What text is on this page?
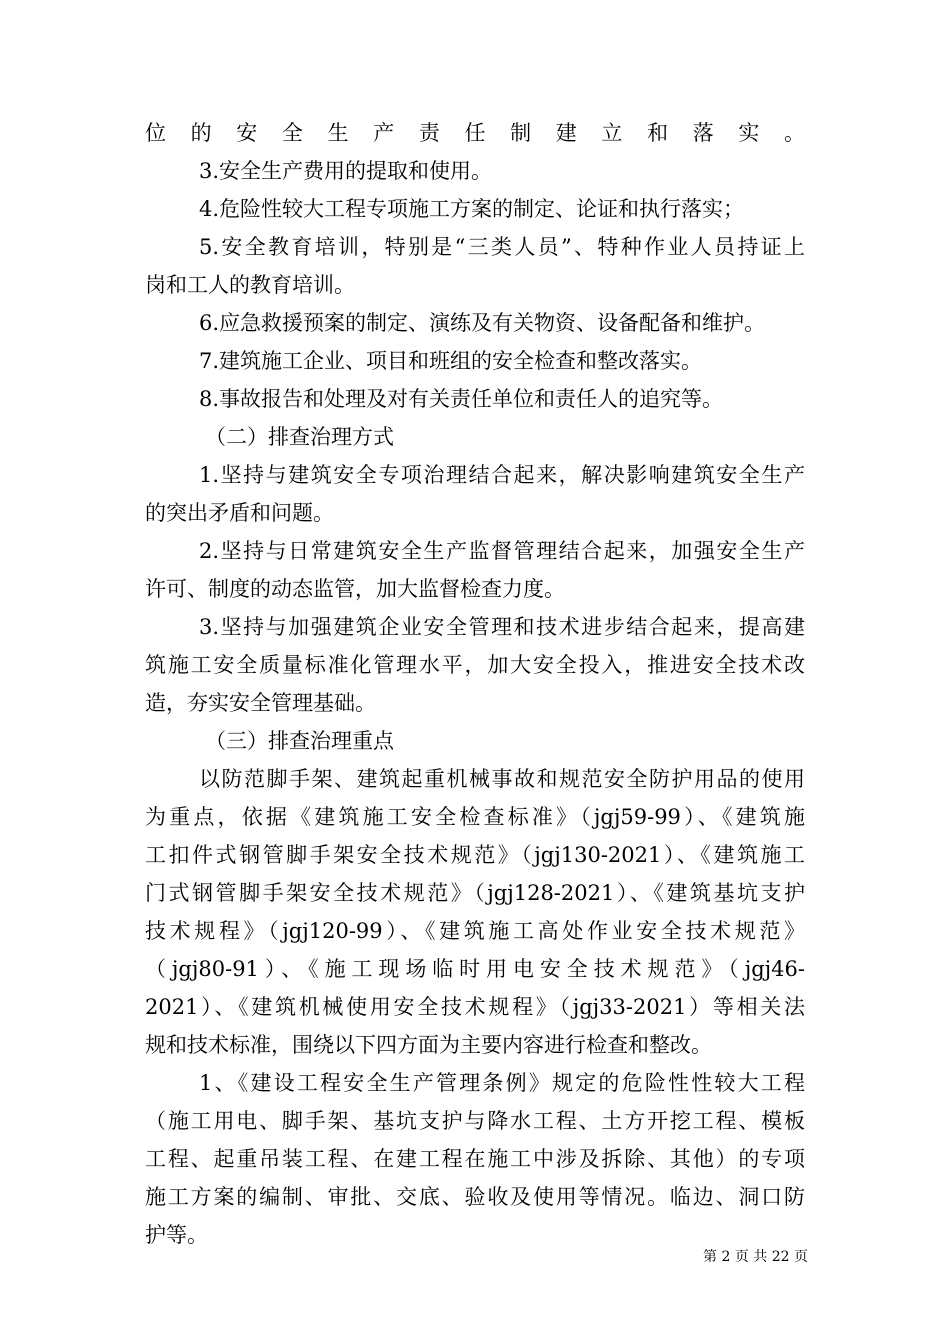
位的安全生产责任制建立和落实。
3.安全生产费用的提取和使用。
4.危险性较大工程专项施工方案的制定、论证和执行落实；
5.安全教育培训，特别是“三类人员”、特种作业人员持证上
岗和工人的教育培训。
6.应急救援预案的制定、演练及有关物资、设备配备和维护。
7.建筑施工企业、项目和班组的安全检查和整改落实。
8.事故报告和处理及对有关责任单位和责任人的追究等。
（二）排查治理方式
1.坚持与建筑安全专项治理结合起来，解决影响建筑安全生产
的突出矛盾和问题。
2.坚持与日常建筑安全生产监督管理结合起来，加强安全生产
许可、制度的动态监管，加大监督检查力度。
3.坚持与加强建筑企业安全管理和技术进步结合起来，提高建
筑施工安全质量标准化管理水平，加大安全投入，推进安全技术改
造，夯实安全管理基础。
（三）排查治理重点
以防范脚手架、建筑起重机械事故和规范安全防护用品的使用
为重点，依据《建筑施工安全检查标准》（jgj59-99）、《建筑施
工扣件式钢管脚手架安全技术规范》（jgj130-2021）、《建筑施工
门式钢管脚手架安全技术规范》（jgj128-2021）、《建筑基坑支护
技术规程》（jgj120-99）、《建筑施工高处作业安全技术规范》
（jgj80-91）、《施工现场临时用电安全技术规范》（jgj46-
2021）、《建筑机械使用安全技术规程》（jgj33-2021）等相关法
规和技术标准，围绕以下四方面为主要内容进行检查和整改。
1、《建设工程安全生产管理条例》规定的危险性性较大工程
（施工用电、脚手架、基坑支护与降水工程、土方开挖工程、模板
工程、起重吊装工程、在建工程在施工中涉及拆除、其他）的专项
施工方案的编制、审批、交底、验收及使用等情况。临边、洞口防
护等。
第 2 页 共 22 页
